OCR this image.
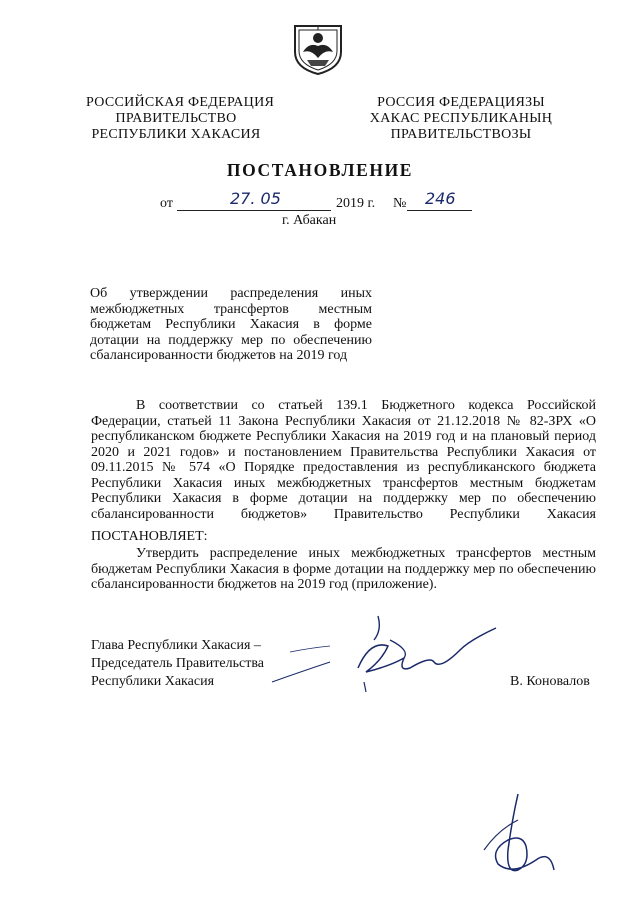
РОССИЙСКАЯ ФЕДЕРАЦИЯ
ПРАВИТЕЛЬСТВО
РЕСПУБЛИКИ ХАКАСИЯ
РОССИЯ ФЕДЕРАЦИЯЗЫ
ХАКАС РЕСПУБЛИКАНЫҢ
ПРАВИТЕЛЬСТВОЗЫ
ПОСТАНОВЛЕНИЕ
от	27. 05	2019 г. № 246
г. Абакан
Об утверждении распределения иных межбюджетных трансфертов местным бюджетам Республики Хакасия в форме дотации на поддержку мер по обеспечению сбалансированности бюджетов на 2019 год
В соответствии со статьей 139.1 Бюджетного кодекса Российской Федерации, статьей 11 Закона Республики Хакасия от 21.12.2018 № 82-ЗРХ «О республиканском бюджете Республики Хакасия на 2019 год и на плановый период 2020 и 2021 годов» и постановлением Правительства Республики Хакасия от 09.11.2015 № 574 «О Порядке предоставления из республиканского бюджета Республики Хакасия иных межбюджетных трансфертов местным бюджетам Республики Хакасия в форме дотации на поддержку мер по обеспечению сбалансированности бюджетов» Правительство Республики Хакасия
ПОСТАНОВЛЯЕТ:
Утвердить распределение иных межбюджетных трансфертов местным бюджетам Республики Хакасия в форме дотации на поддержку мер по обеспечению сбалансированности бюджетов на 2019 год (приложение).
Глава Республики Хакасия –
Председатель Правительства
Республики Хакасия	В. Коновалов
